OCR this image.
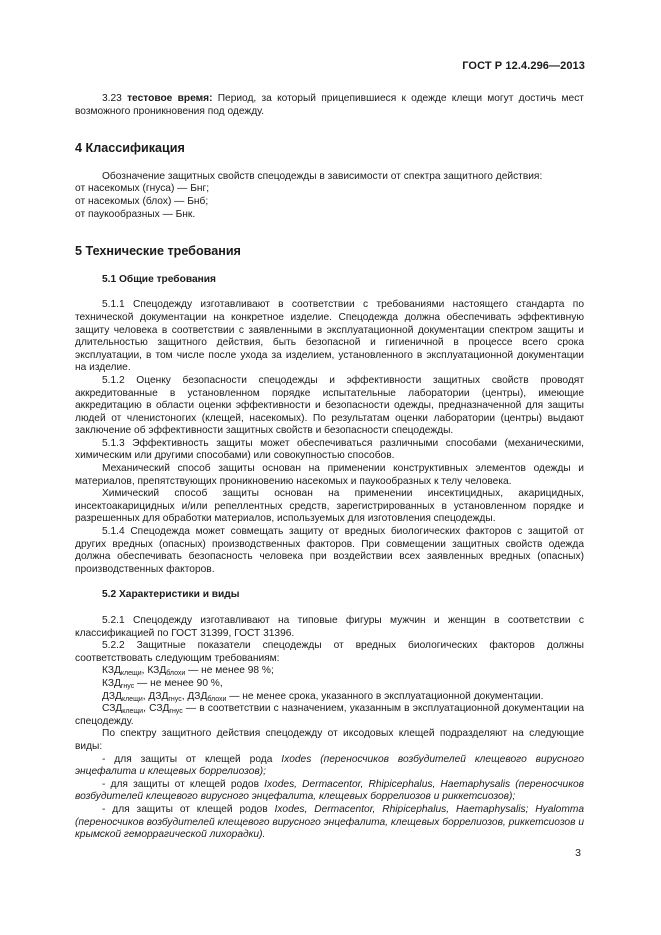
ГОСТ Р 12.4.296—2013

3.23 тестовое время: Период, за который прицепившиеся к одежде клещи могут достичь мест возможного проникновения под одежду.

4 Классификация

Обозначение защитных свойств спецодежды в зависимости от спектра защитного действия:

от насекомых (гнуса) — Бнг;

от насекомых (блох) — Бнб;

от паукообразных — Бнк.

5 Технические требования

5.1 Общие требования

5.1.1 Спецодежду изготавливают в соответствии с требованиями настоящего стандарта по технической документации на конкретное изделие. Спецодежда должна обеспечивать эффективную защиту человека в соответствии с заявленными в эксплуатационной документации спектром защиты и длительностью защитного действия, быть безопасной и гигиеничной в процессе всего срока эксплуатации, в том числе после ухода за изделием, установленного в эксплуатационной документации на изделие.

5.1.2 Оценку безопасности спецодежды и эффективности защитных свойств проводят аккредитованные в установленном порядке испытательные лаборатории (центры), имеющие аккредитацию в области оценки эффективности и безопасности одежды, предназначенной для защиты людей от членистоногих (клещей, насекомых). По результатам оценки лаборатории (центры) выдают заключение об эффективности защитных свойств и безопасности спецодежды.

5.1.3 Эффективность защиты может обеспечиваться различными способами (механическими, химическим или другими способами) или совокупностью способов.

Механический способ защиты основан на применении конструктивных элементов одежды и материалов, препятствующих проникновению насекомых и паукообразных к телу человека.

Химический способ защиты основан на применении инсектицидных, акарицидных, инсектоакарицидных и/или репеллентных средств, зарегистрированных в установленном порядке и разрешенных для обработки материалов, используемых для изготовления спецодежды.

5.1.4 Спецодежда может совмещать защиту от вредных биологических факторов с защитой от других вредных (опасных) производственных факторов. При совмещении защитных свойств одежда должна обеспечивать безопасность человека при воздействии всех заявленных вредных (опасных) производственных факторов.

5.2 Характеристики и виды

5.2.1 Спецодежду изготавливают на типовые фигуры мужчин и женщин в соответствии с классификацией по ГОСТ 31399, ГОСТ 31396.

5.2.2 Защитные показатели спецодежды от вредных биологических факторов должны соответствовать следующим требованиям:

$КЗД_{клещи}$, $КЗД_{блохи}$ — не менее 98 %;

$КЗД_{гнус}$ — не менее 90 %,

$ДЗД_{клещи}$, $ДЗД_{гнус}$, $ДЗД_{блохи}$ — не менее срока, указанного в эксплуатационной документации.

$СЗД_{клещи}$, $СЗД_{гнус}$ — в соответствии с назначением, указанным в эксплуатационной документации на спецодежду.

По спектру защитного действия спецодежду от иксодовых клещей подразделяют на следующие виды:

- для защиты от клещей рода Ixodes (переносчиков возбудителей клещевого вирусного энцефалита и клещевых боррелиозов);

- для защиты от клещей родов Ixodes, Dermacentor, Rhipicephalus, Haemaphysalis (переносчиков возбудителей клещевого вирусного энцефалита, клещевых боррелиозов и риккетсиозов);

- для защиты от клещей родов Ixodes, Dermacentor, Rhipicephalus, Haemaphysalis; Hyalomma (переносчиков возбудителей клещевого вирусного энцефалита, клещевых боррелиозов, риккетсиозов и крымской геморрагической лихорадки).

3
